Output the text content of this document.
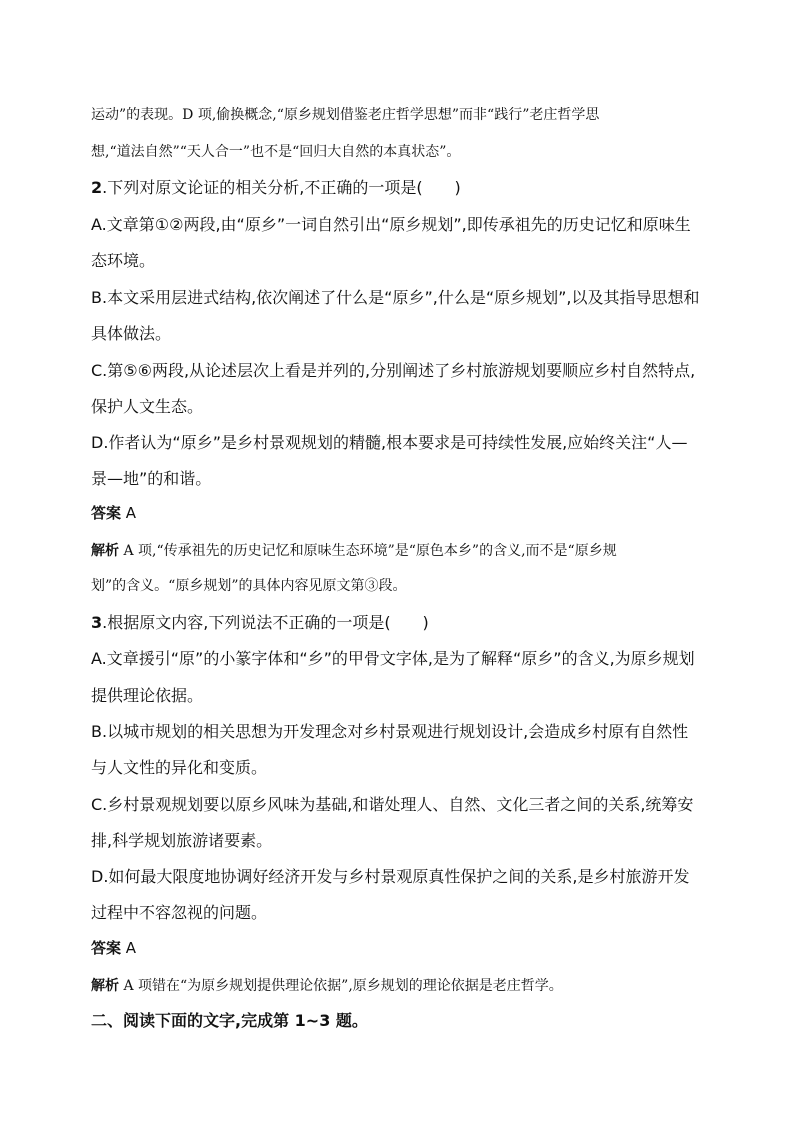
运动”的表现。D 项,偷换概念,“原乡规划借鉴老庄哲学思想”而非“践行”老庄哲学思
想,“道法自然”“天人合一”也不是“回归大自然的本真状态”。
2.下列对原文论证的相关分析,不正确的一项是(　　)
A.文章第①②两段,由“原乡”一词自然引出“原乡规划”,即传承祖先的历史记忆和原味生
态环境。
B.本文采用层进式结构,依次阐述了什么是“原乡”,什么是“原乡规划”,以及其指导思想和
具体做法。
C.第⑤⑥两段,从论述层次上看是并列的,分别阐述了乡村旅游规划要顺应乡村自然特点,
保护人文生态。
D.作者认为“原乡”是乡村景观规划的精髓,根本要求是可持续性发展,应始终关注“人—
景—地”的和谐。
答案 A
解析 A 项,“传承祖先的历史记忆和原味生态环境”是“原色本乡”的含义,而不是“原乡规
划”的含义。“原乡规划”的具体内容见原文第③段。
3.根据原文内容,下列说法不正确的一项是(　　)
A.文章援引“原”的小篆字体和“乡”的甲骨文字体,是为了解释“原乡”的含义,为原乡规划
提供理论依据。
B.以城市规划的相关思想为开发理念对乡村景观进行规划设计,会造成乡村原有自然性
与人文性的异化和变质。
C.乡村景观规划要以原乡风味为基础,和谐处理人、自然、文化三者之间的关系,统筹安
排,科学规划旅游诸要素。
D.如何最大限度地协调好经济开发与乡村景观原真性保护之间的关系,是乡村旅游开发
过程中不容忽视的问题。
答案 A
解析 A 项错在“为原乡规划提供理论依据”,原乡规划的理论依据是老庄哲学。
二、阅读下面的文字,完成第 1~3 题。
